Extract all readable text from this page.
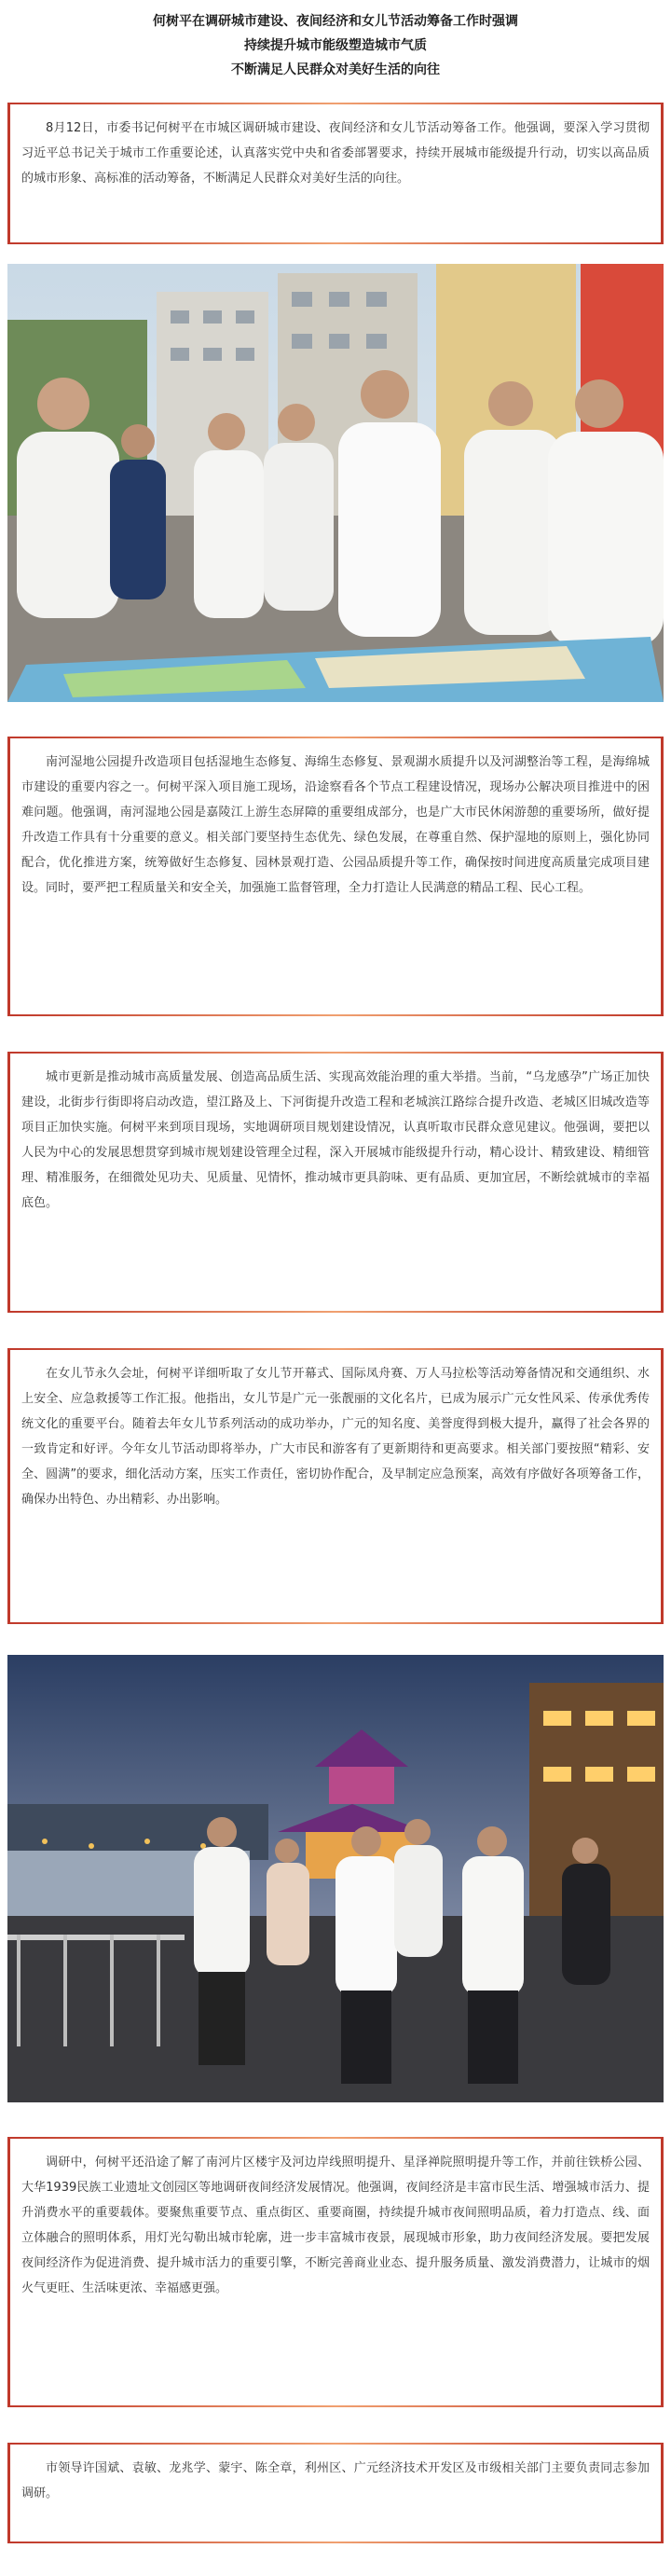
何树平在调研城市建设、夜间经济和女儿节活动筹备工作时强调
持续提升城市能级塑造城市气质
不断满足人民群众对美好生活的向往

8月12日，市委书记何树平在市城区调研城市建设、夜间经济和女儿节活动筹备工作。他强调，要深入学习贯彻习近平总书记关于城市工作重要论述，认真落实党中央和省委部署要求，持续开展城市能级提升行动，切实以高品质的城市形象、高标准的活动筹备，不断满足人民群众对美好生活的向往。

南河湿地公园提升改造项目包括湿地生态修复、海绵生态修复、景观湖水质提升以及河湖整治等工程，是海绵城市建设的重要内容之一。何树平深入项目施工现场，沿途察看各个节点工程建设情况，现场办公解决项目推进中的困难问题。他强调，南河湿地公园是嘉陵江上游生态屏障的重要组成部分，也是广大市民休闲游憩的重要场所，做好提升改造工作具有十分重要的意义。相关部门要坚持生态优先、绿色发展，在尊重自然、保护湿地的原则上，强化协同配合，优化推进方案，统筹做好生态修复、园林景观打造、公园品质提升等工作，确保按时间进度高质量完成项目建设。同时，要严把工程质量关和安全关，加强施工监督管理，全力打造让人民满意的精品工程、民心工程。

城市更新是推动城市高质量发展、创造高品质生活、实现高效能治理的重大举措。当前，“乌龙感孕”广场正加快建设，北街步行街即将启动改造，望江路及上、下河街提升改造工程和老城滨江路综合提升改造、老城区旧城改造等项目正加快实施。何树平来到项目现场，实地调研项目规划建设情况，认真听取市民群众意见建议。他强调，要把以人民为中心的发展思想贯穿到城市规划建设管理全过程，深入开展城市能级提升行动，精心设计、精致建设、精细管理、精准服务，在细微处见功夫、见质量、见情怀，推动城市更具韵味、更有品质、更加宜居，不断绘就城市的幸福底色。

在女儿节永久会址，何树平详细听取了女儿节开幕式、国际凤舟赛、万人马拉松等活动筹备情况和交通组织、水上安全、应急救援等工作汇报。他指出，女儿节是广元一张靓丽的文化名片，已成为展示广元女性风采、传承优秀传统文化的重要平台。随着去年女儿节系列活动的成功举办，广元的知名度、美誉度得到极大提升，赢得了社会各界的一致肯定和好评。今年女儿节活动即将举办，广大市民和游客有了更新期待和更高要求。相关部门要按照“精彩、安全、圆满”的要求，细化活动方案，压实工作责任，密切协作配合，及早制定应急预案，高效有序做好各项筹备工作，确保办出特色、办出精彩、办出影响。

调研中，何树平还沿途了解了南河片区楼宇及河边岸线照明提升、星泽禅院照明提升等工作，并前往铁桥公园、大华1939民族工业遗址文创园区等地调研夜间经济发展情况。他强调，夜间经济是丰富市民生活、增强城市活力、提升消费水平的重要载体。要聚焦重要节点、重点街区、重要商圈，持续提升城市夜间照明品质，着力打造点、线、面立体融合的照明体系，用灯光勾勒出城市轮廓，进一步丰富城市夜景，展现城市形象，助力夜间经济发展。要把发展夜间经济作为促进消费、提升城市活力的重要引擎，不断完善商业业态、提升服务质量、激发消费潜力，让城市的烟火气更旺、生活味更浓、幸福感更强。

市领导许国斌、袁敏、龙兆学、蒙宇、陈全章，利州区、广元经济技术开发区及市级相关部门主要负责同志参加调研。
